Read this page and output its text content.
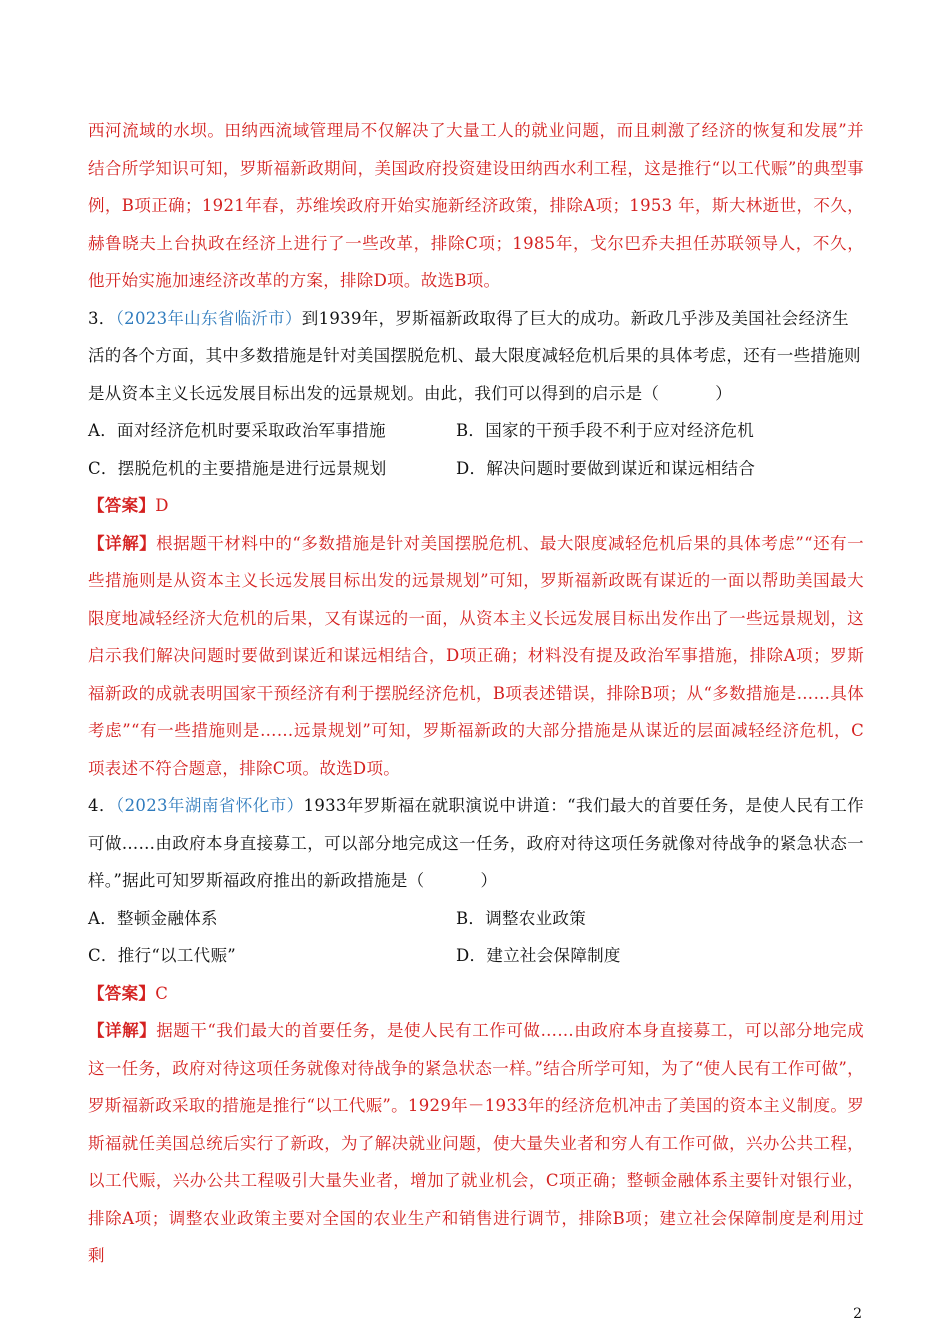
西河流域的水坝。田纳西流域管理局不仅解决了大量工人的就业问题，而且刺激了经济的恢复和发展”并结合所学知识可知，罗斯福新政期间，美国政府投资建设田纳西水利工程，这是推行“以工代赈”的典型事例，B项正确；1921年春，苏维埃政府开始实施新经济政策，排除A项；1953 年，斯大林逝世，不久，赫鲁晓夫上台执政在经济上进行了一些改革，排除C项；1985年，戈尔巴乔夫担任苏联领导人，不久，他开始实施加速经济改革的方案，排除D项。故选B项。

3．（2023年山东省临沂市）到1939年，罗斯福新政取得了巨大的成功。新政几乎涉及美国社会经济生活的各个方面，其中多数措施是针对美国摆脱危机、最大限度减轻危机后果的具体考虑，还有一些措施则是从资本主义长远发展目标出发的远景规划。由此，我们可以得到的启示是（	）

A．面对经济危机时要采取政治军事措施	B．国家的干预手段不利于应对经济危机
C．摆脱危机的主要措施是进行远景规划	D．解决问题时要做到谋近和谋远相结合

【答案】D

【详解】根据题干材料中的“多数措施是针对美国摆脱危机、最大限度减轻危机后果的具体考虑”“还有一些措施则是从资本主义长远发展目标出发的远景规划”可知，罗斯福新政既有谋近的一面以帮助美国最大限度地减轻经济大危机的后果，又有谋远的一面，从资本主义长远发展目标出发作出了一些远景规划，这启示我们解决问题时要做到谋近和谋远相结合，D项正确；材料没有提及政治军事措施，排除A项；罗斯福新政的成就表明国家干预经济有利于摆脱经济危机，B项表述错误，排除B项；从“多数措施是……具体考虑”“有一些措施则是……远景规划”可知，罗斯福新政的大部分措施是从谋近的层面减轻经济危机，C项表述不符合题意，排除C项。故选D项。

4．（2023年湖南省怀化市）1933年罗斯福在就职演说中讲道：“我们最大的首要任务，是使人民有工作可做……由政府本身直接募工，可以部分地完成这一任务，政府对待这项任务就像对待战争的紧急状态一样。”据此可知罗斯福政府推出的新政措施是（	）

A．整顿金融体系	B．调整农业政策
C．推行“以工代赈”	D．建立社会保障制度

【答案】C

【详解】据题干“我们最大的首要任务，是使人民有工作可做……由政府本身直接募工，可以部分地完成这一任务，政府对待这项任务就像对待战争的紧急状态一样。”结合所学可知，为了“使人民有工作可做”，罗斯福新政采取的措施是推行“以工代赈”。1929年－1933年的经济危机冲击了美国的资本主义制度。罗斯福就任美国总统后实行了新政，为了解决就业问题，使大量失业者和穷人有工作可做，兴办公共工程，以工代赈，兴办公共工程吸引大量失业者，增加了就业机会，C项正确；整顿金融体系主要针对银行业，排除A项；调整农业政策主要对全国的农业生产和销售进行调节，排除B项；建立社会保障制度是利用过剩

2
